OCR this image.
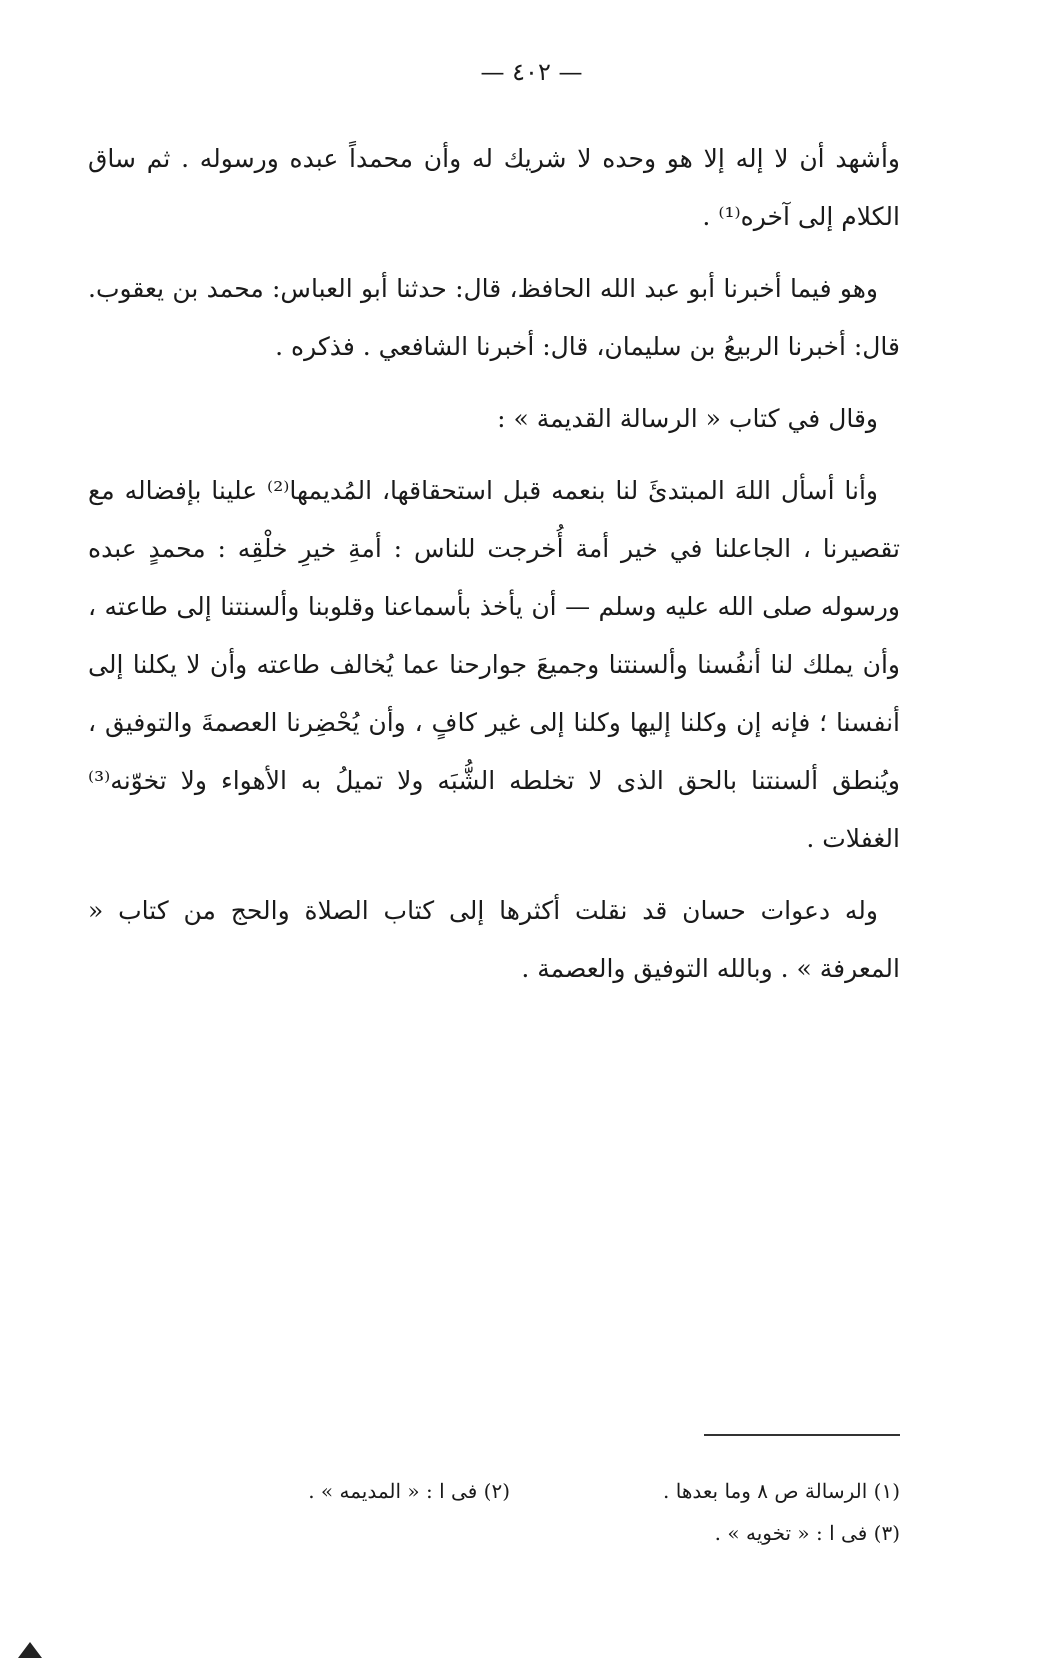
— ٤٠٢ —

وأشهد أن لا إله إلا هو وحده لا شريك له وأن محمداً عبده ورسوله . ثم ساق الكلام إلى آخره⁽¹⁾ .

وهو فيما أخبرنا أبو عبد الله الحافظ، قال: حدثنا أبو العباس: محمد بن يعقوب. قال: أخبرنا الربيعُ بن سليمان، قال: أخبرنا الشافعي . فذكره .

وقال في كتاب « الرسالة القديمة » :

وأنا أسأل اللهَ المبتدئَ لنا بنعمه قبل استحقاقها، المُديمها⁽²⁾ علينا بإفضاله مع تقصيرنا ، الجاعلنا في خير أمة أُخرجت للناس : أمةِ خيرِ خلْقِه : محمدٍ عبده ورسوله صلى الله عليه وسلم — أن يأخذ بأسماعنا وقلوبنا وألسنتنا إلى طاعته ، وأن يملك لنا أنفُسنا وألسنتنا وجميعَ جوارحنا عما يُخالف طاعته وأن لا يكلنا إلى أنفسنا ؛ فإنه إن وكلنا إليها وكلنا إلى غير كافٍ ، وأن يُحْضِرنا العصمةَ والتوفيق ، ويُنطق ألسنتنا بالحق الذى لا تخلطه الشُّبَه ولا تميلُ به الأهواء ولا تخوّنه⁽³⁾ الغفلات .

وله دعوات حسان قد نقلت أكثرها إلى كتاب الصلاة والحج من كتاب « المعرفة » . وبالله التوفيق والعصمة .

(١) الرسالة ص ٨ وما بعدها .
(٢) فى ا : « المديمه » .
(٣) فى ا : « تخويه » .
